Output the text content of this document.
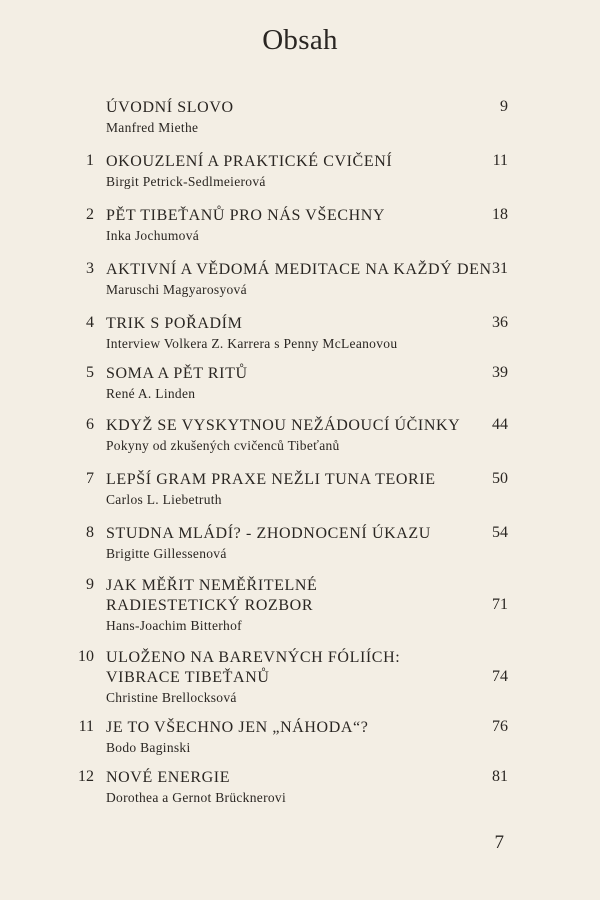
Obsah
ÚVODNÍ SLOVO
Manfred Miethe
9
1 OKOUZLENÍ A PRAKTICKÉ CVIČENÍ
Birgit Petrick-Sedlmeierová
11
2 PĚT TIBEŤANŮ PRO NÁS VŠECHNY
Inka Jochumová
18
3 AKTIVNÍ A VĚDOMÁ MEDITACE NA KAŽDÝ DEN
Maruschi Magyarosyová
31
4 TRIK S POŘADÍM
Interview Volkera Z. Karrera s Penny McLeanovou
36
5 SOMA A PĚT RITŮ
René A. Linden
39
6 KDYŽ SE VYSKYTNOU NEŽÁDOUCÍ ÚČINKY
Pokyny od zkušených cvičenců Tibeťanů
44
7 LEPŠÍ GRAM PRAXE NEŽLI TUNA TEORIE
Carlos L. Liebetruth
50
8 STUDNA MLÁDÍ? - ZHODNOCENÍ ÚKAZU
Brigitte Gillessenová
54
9 JAK MĚŘIT NEMĚŘITELNÉ
RADIESTETICKÝ ROZBOR
Hans-Joachim Bitterhof
71
10 ULOŽENO NA BAREVNÝCH FÓLIÍCH:
VIBRACE TIBEŤANŮ
Christine Brellocksová
74
11 JE TO VŠECHNO JEN „NÁHODA“?
Bodo Baginski
76
12 NOVÉ ENERGIE
Dorothea a Gernot Brücknerovi
81
7
